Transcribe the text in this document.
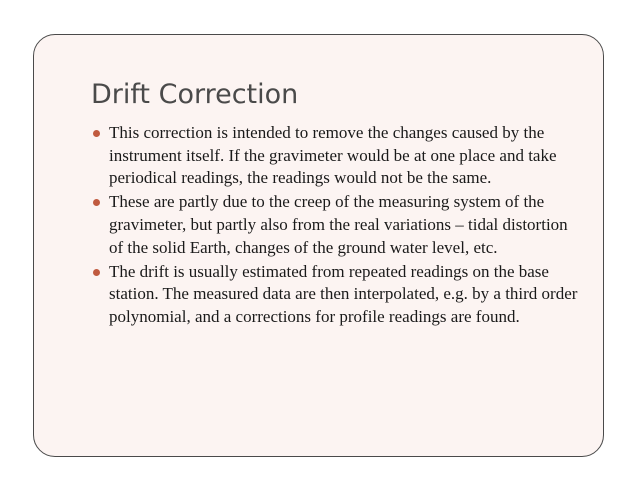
Drift Correction
This correction is intended to remove the changes caused by the instrument itself. If the gravimeter would be at one place and take periodical readings, the readings would not be the same.
These are partly due to the creep of the measuring system of the gravimeter, but partly also from the real variations – tidal distortion of the solid Earth, changes of the ground water level, etc.
The drift is usually estimated from repeated readings on the base station. The measured data are then interpolated, e.g. by a third order polynomial, and a corrections for profile readings are found.
